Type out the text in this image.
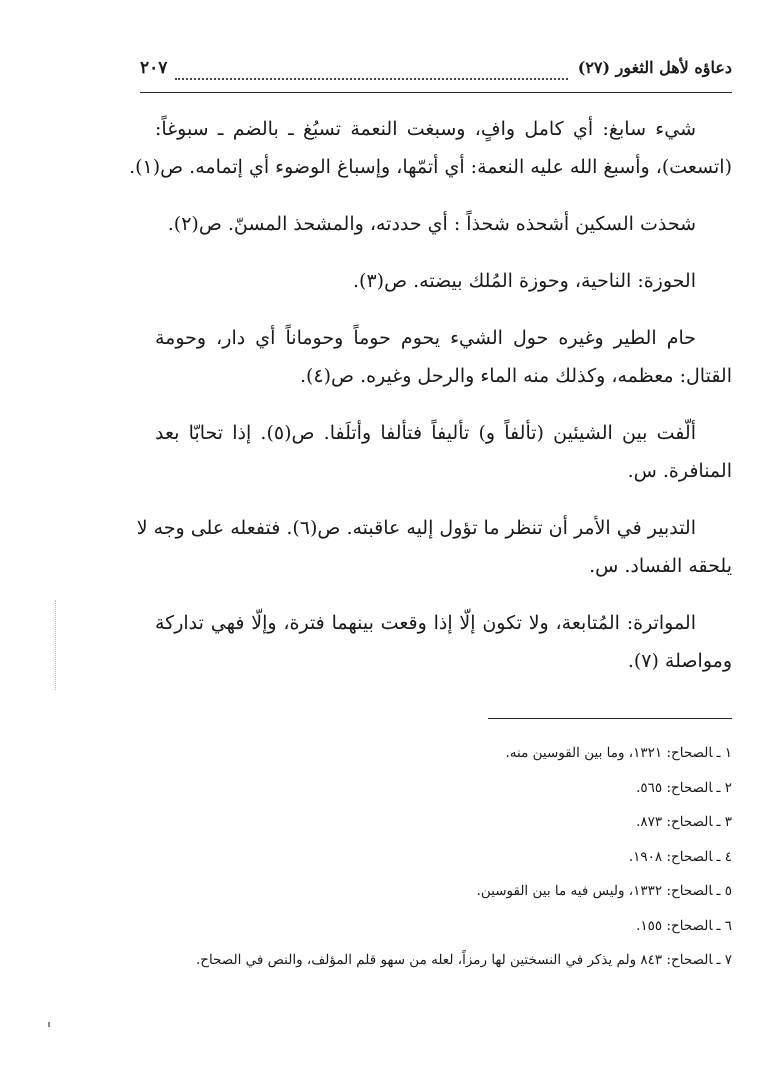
دعاؤه لأهل الثغور (٢٧)
٢٠٧
شيء سابغ: أي كامل وافٍ، وسبغت النعمة تسبُغ ـ بالضم ـ سبوغاً:
(اتسعت)، وأسبغ الله عليه النعمة: أي أتمّها، وإسباغ الوضوء أي إتمامه. ص(١).
شحذت السكين أشحذه شحذاً : أي حددته، والمشحذ المسنّ. ص(٢).
الحوزة: الناحية، وحوزة المُلك بيضته. ص(٣).
حام الطير وغيره حول الشيء يحوم حوماً وحوماناً أي دار، وحومة
القتال: معظمه، وكذلك منه الماء والرحل وغيره. ص(٤).
ألّفت بين الشيئين (تألفاً و) تأليفاً فتألفا وأتلَفا. ص(٥). إذا تحابّا بعد
المنافرة. س.
التدبير في الأمر أن تنظر ما تؤول إليه عاقبته. ص(٦). فتفعله على وجه لا
يلحقه الفساد. س.
المواترة: المُتابعة، ولا تكون إلّا إذا وقعت بينهما فترة، وإلّا فهي تداركة
ومواصلة (٧).
١ ـالصحاح: ١٣٢١، وما بين القوسين منه.
٢ ـالصحاح: ٥٦٥.
٣ ـالصحاح: ٨٧٣.
٤ ـالصحاح: ١٩٠٨.
٥ ـالصحاح: ١٣٣٢، وليس فيه ما بين القوسين.
٦ ـالصحاح: ١٥٥.
٧ ـالصحاح: ٨٤٣ ولم يذكر في النسختين لها رمزاً، لعله من سهو قلم المؤلف، والنص في الصحاح.
